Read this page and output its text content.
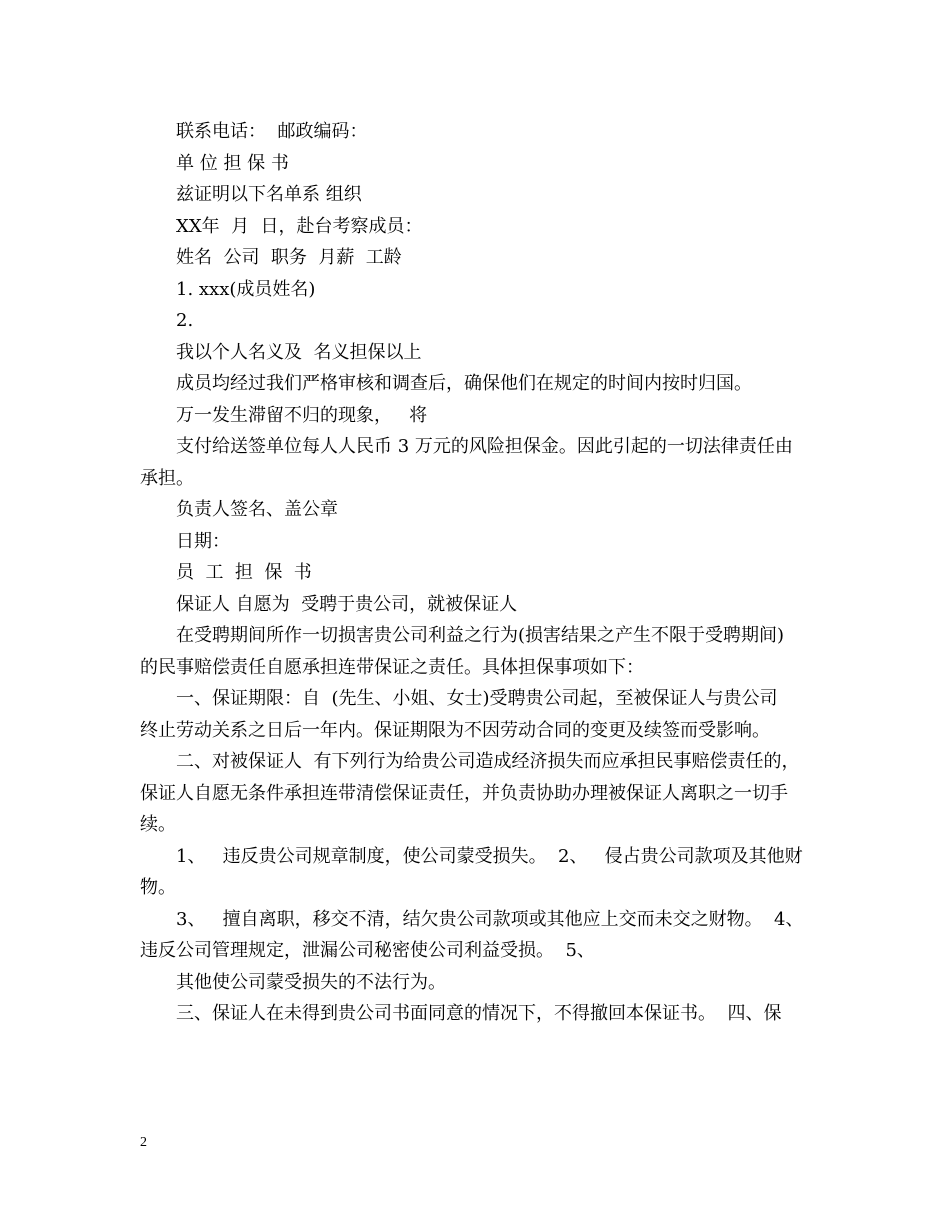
联系电话：  邮政编码：
单 位 担 保 书
兹证明以下名单系 组织
XX年  月  日，赴台考察成员：
姓名  公司  职务  月薪  工龄
1. xxx(成员姓名)
2.
我以个人名义及  名义担保以上
成员均经过我们严格审核和调查后，确保他们在规定的时间内按时归国。
万一发生滞留不归的现象，   将
支付给送签单位每人人民币 3 万元的风险担保金。因此引起的一切法律责任由
承担。
负责人签名、盖公章
日期：
员  工  担  保  书
保证人 自愿为  受聘于贵公司，就被保证人
在受聘期间所作一切损害贵公司利益之行为(损害结果之产生不限于受聘期间)
的民事赔偿责任自愿承担连带保证之责任。具体担保事项如下：
一、保证期限：自  (先生、小姐、女士)受聘贵公司起，至被保证人与贵公司
终止劳动关系之日后一年内。保证期限为不因劳动合同的变更及续签而受影响。
二、对被保证人  有下列行为给贵公司造成经济损失而应承担民事赔偿责任的，
保证人自愿无条件承担连带清偿保证责任，并负责协助办理被保证人离职之一切手
续。
1、   违反贵公司规章制度，使公司蒙受损失。  2、   侵占贵公司款项及其他财
物。
3、   擅自离职，移交不清，结欠贵公司款项或其他应上交而未交之财物。  4、
违反公司管理规定，泄漏公司秘密使公司利益受损。  5、
其他使公司蒙受损失的不法行为。
三、保证人在未得到贵公司书面同意的情况下，不得撤回本保证书。  四、保
2
